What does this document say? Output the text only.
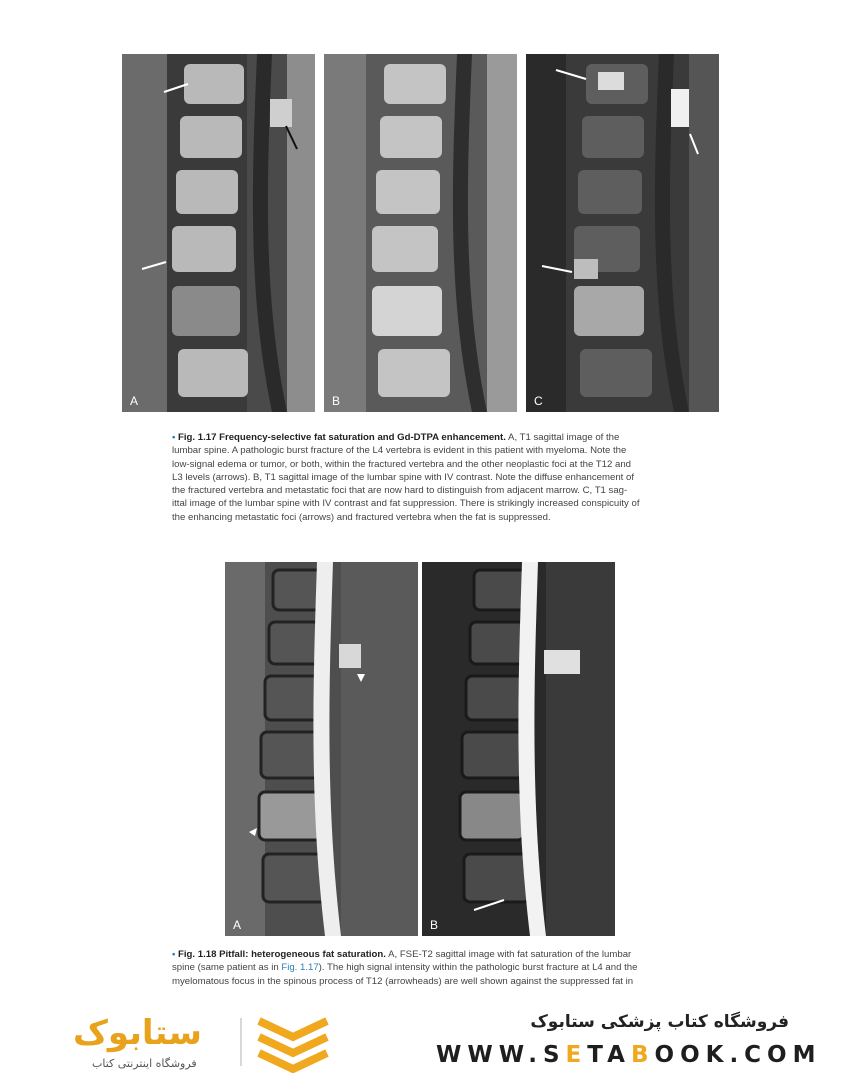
A	B	C
• Fig. 1.17 Frequency-selective fat saturation and Gd-DTPA enhancement. A, T1 sagittal image of the
lumbar spine. A pathologic burst fracture of the L4 vertebra is evident in this patient with myeloma. Note the
low-signal edema or tumor, or both, within the fractured vertebra and the other neoplastic foci at the T12 and
L3 levels (arrows). B, T1 sagittal image of the lumbar spine with IV contrast. Note the diffuse enhancement of
the fractured vertebra and metastatic foci that are now hard to distinguish from adjacent marrow. C, T1 sag-
ittal image of the lumbar spine with IV contrast and fat suppression. There is strikingly increased conspicuity of
the enhancing metastatic foci (arrows) and fractured vertebra when the fat is suppressed.
A	B
• Fig. 1.18 Pitfall: heterogeneous fat saturation. A, FSE-T2 sagittal image with fat saturation of the lumbar
spine (same patient as in Fig. 1.17). The high signal intensity within the pathologic burst fracture at L4 and the
myelomatous focus in the spinous process of T12 (arrowheads) are well shown against the suppressed fat in
ستابوک
فروشگاه اینترنتی کتاب
فروشگاه کتاب پزشکی ستابوک
WWW.SETABOOK.COM
